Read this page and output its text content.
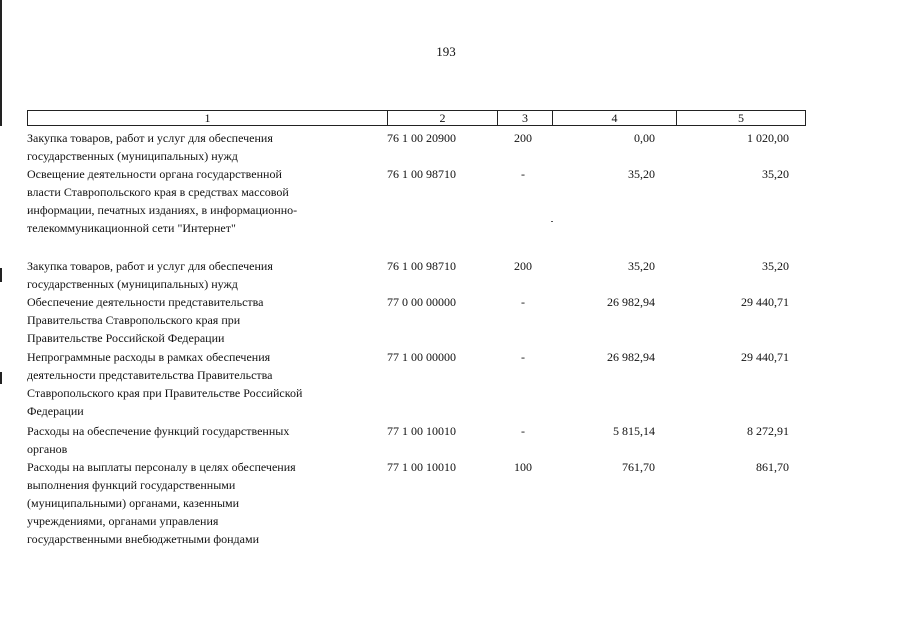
193
1	2	3	4	5
Закупка товаров, работ и услуг для обеспечения
государственных (муниципальных) нужд
76 1 00 20900	200	0,00	1 020,00
Освещение деятельности органа государственной
власти Ставропольского края в средствах массовой
информации, печатных изданиях, в информационно-
телекоммуникационной сети "Интернет"
76 1 00 98710	-	35,20	35,20
Закупка товаров, работ и услуг для обеспечения
государственных (муниципальных) нужд
76 1 00 98710	200	35,20	35,20
Обеспечение деятельности представительства
Правительства Ставропольского края при
Правительстве Российской Федерации
77 0 00 00000	-	26 982,94	29 440,71
Непрограммные расходы в рамках обеспечения
деятельности представительства Правительства
Ставропольского края при Правительстве Российской
Федерации
77 1 00 00000	-	26 982,94	29 440,71
Расходы на обеспечение функций государственных
органов
77 1 00 10010	-	5 815,14	8 272,91
Расходы на выплаты персоналу в целях обеспечения
выполнения функций государственными
(муниципальными) органами, казенными
учреждениями, органами управления
государственными внебюджетными фондами
77 1 00 10010	100	761,70	861,70
